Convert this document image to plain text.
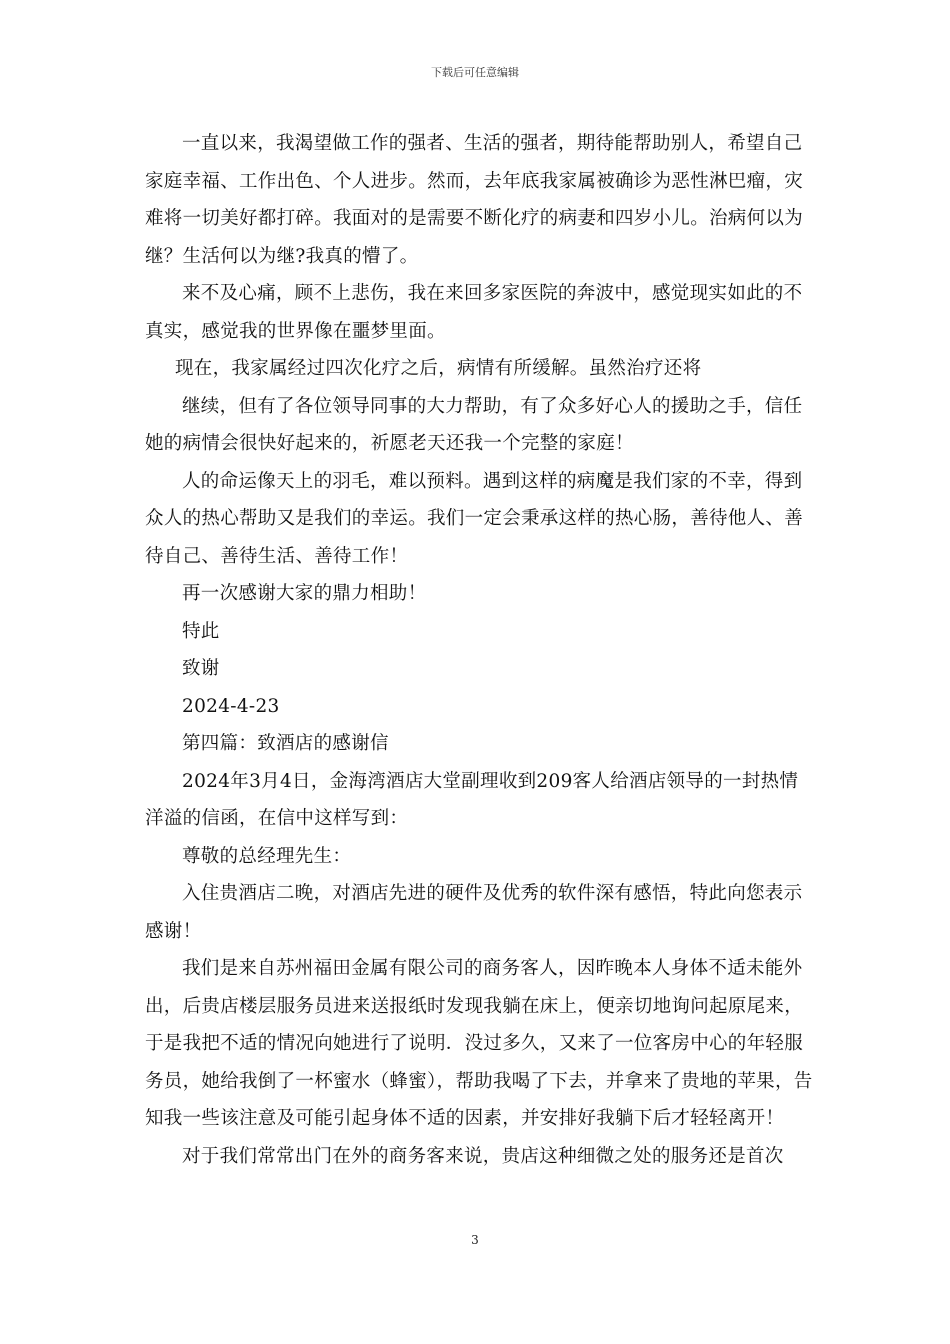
下载后可任意编辑

一直以来，我渴望做工作的强者、生活的强者，期待能帮助别人，希望自己家庭幸福、工作出色、个人进步。然而，去年底我家属被确诊为恶性淋巴瘤，灾难将一切美好都打碎。我面对的是需要不断化疗的病妻和四岁小儿。治病何以为继？生活何以为继?我真的懵了。

来不及心痛，顾不上悲伤，我在来回多家医院的奔波中，感觉现实如此的不真实，感觉我的世界像在噩梦里面。

现在，我家属经过四次化疗之后，病情有所缓解。虽然治疗还将

继续，但有了各位领导同事的大力帮助，有了众多好心人的援助之手，信任她的病情会很快好起来的，祈愿老天还我一个完整的家庭！

人的命运像天上的羽毛，难以预料。遇到这样的病魔是我们家的不幸，得到众人的热心帮助又是我们的幸运。我们一定会秉承这样的热心肠，善待他人、善待自己、善待生活、善待工作！

再一次感谢大家的鼎力相助！

特此

致谢

2024-4-23

第四篇：致酒店的感谢信

2024年3月4日，金海湾酒店大堂副理收到209客人给酒店领导的一封热情洋溢的信函，在信中这样写到：

尊敬的总经理先生：

入住贵酒店二晚，对酒店先进的硬件及优秀的软件深有感悟，特此向您表示感谢！

我们是来自苏州福田金属有限公司的商务客人，因昨晚本人身体不适未能外出，后贵店楼层服务员进来送报纸时发现我躺在床上，便亲切地询问起原尾来，于是我把不适的情况向她进行了说明．没过多久，又来了一位客房中心的年轻服务员，她给我倒了一杯蜜水（蜂蜜），帮助我喝了下去，并拿来了贵地的苹果，告知我一些该注意及可能引起身体不适的因素，并安排好我躺下后才轻轻离开！

对于我们常常出门在外的商务客来说，贵店这种细微之处的服务还是首次

3
